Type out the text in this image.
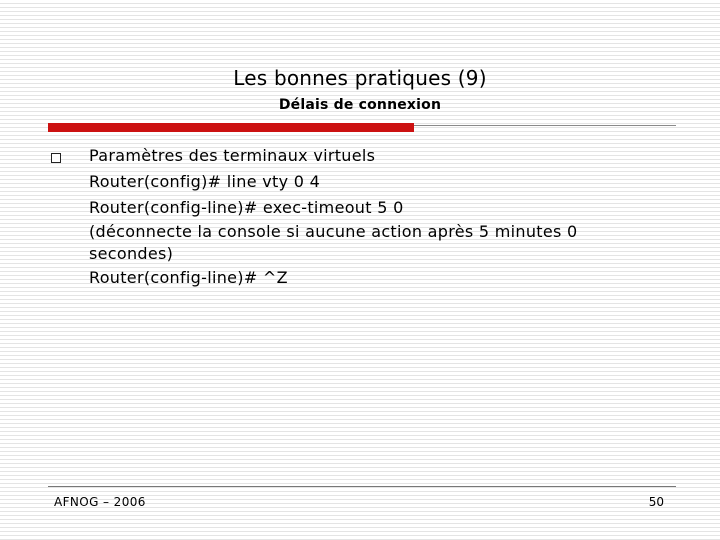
Les bonnes pratiques (9)
Délais de connexion
Paramètres des terminaux virtuels
Router(config)# line vty 0 4
Router(config-line)# exec-timeout 5 0
(déconnecte la console si aucune action après 5 minutes 0 secondes)
Router(config-line)# ^Z
AFNOG – 2006	50
